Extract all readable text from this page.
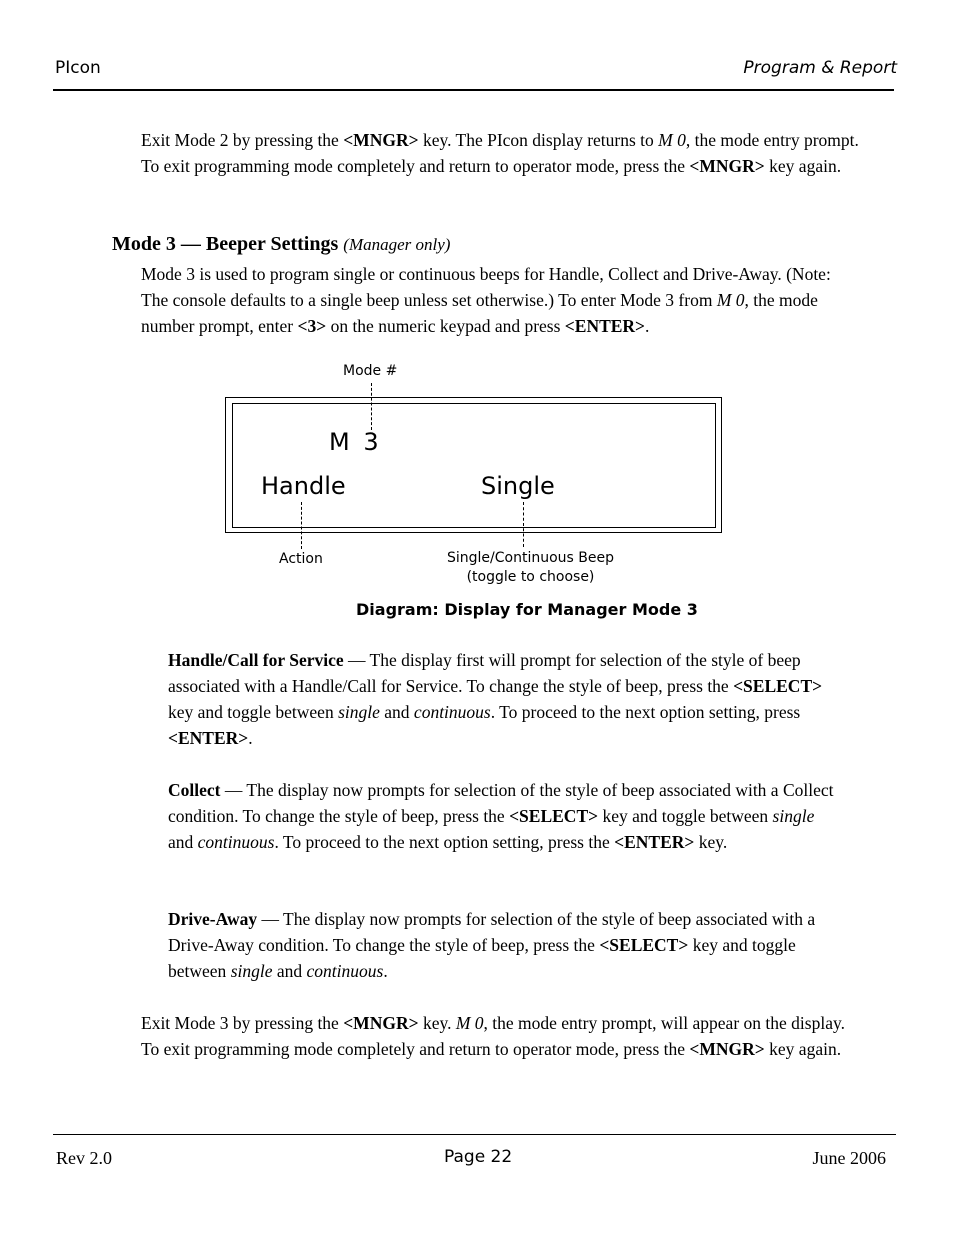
PIcon	Program & Report

Exit Mode 2 by pressing the <MNGR> key. The PIcon display returns to M 0, the mode entry prompt. To exit programming mode completely and return to operator mode, press the <MNGR> key again.

Mode 3 — Beeper Settings (Manager only)

Mode 3 is used to program single or continuous beeps for Handle, Collect and Drive-Away. (Note: The console defaults to a single beep unless set otherwise.) To enter Mode 3 from M 0, the mode number prompt, enter <3> on the numeric keypad and press <ENTER>.

Mode #
M 3
Handle	Single
Action	Single/Continuous Beep
(toggle to choose)
Diagram: Display for Manager Mode 3

Handle/Call for Service — The display first will prompt for selection of the style of beep associated with a Handle/Call for Service. To change the style of beep, press the <SELECT> key and toggle between single and continuous. To proceed to the next option setting, press <ENTER>.

Collect — The display now prompts for selection of the style of beep associated with a Collect condition. To change the style of beep, press the <SELECT> key and toggle between single and continuous. To proceed to the next option setting, press the <ENTER> key.

Drive-Away — The display now prompts for selection of the style of beep associated with a Drive-Away condition. To change the style of beep, press the <SELECT> key and toggle between single and continuous.

Exit Mode 3 by pressing the <MNGR> key. M 0, the mode entry prompt, will appear on the display. To exit programming mode completely and return to operator mode, press the <MNGR> key again.

Rev 2.0	Page 22	June 2006
